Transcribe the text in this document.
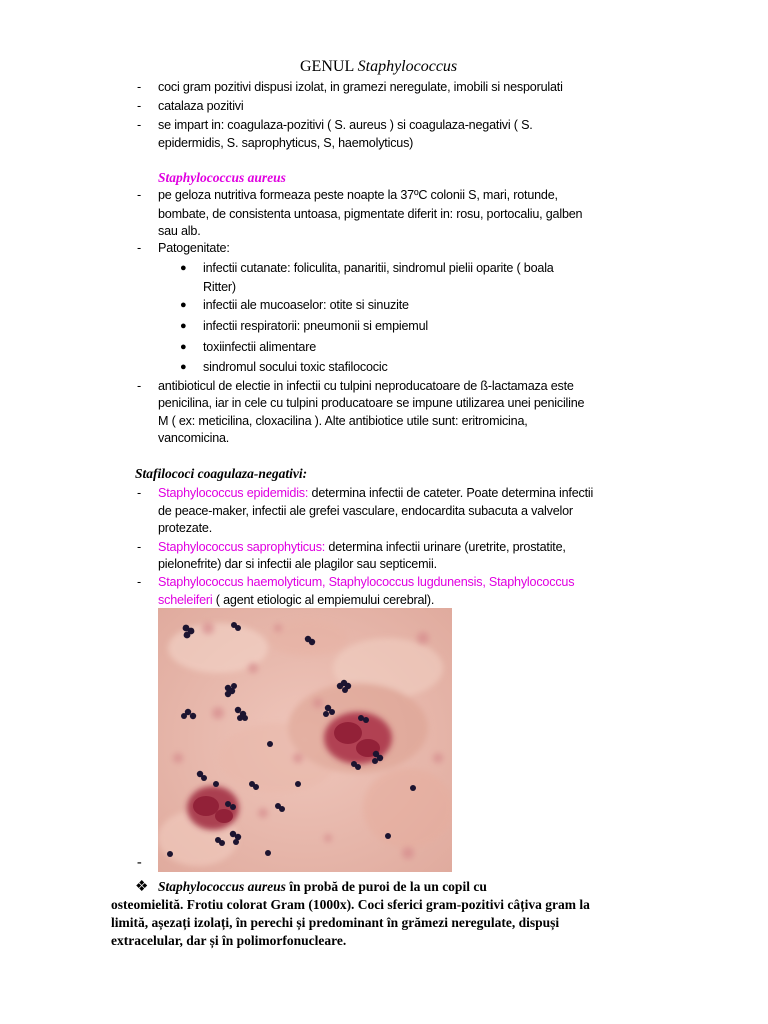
GENUL Staphylococcus
- coci gram pozitivi dispusi izolat, in gramezi neregulate, imobili si nesporulati
- catalaza pozitivi
- se impart in: coagulaza-pozitivi ( S. aureus ) si coagulaza-negativi ( S.
epidermidis, S. saprophyticus, S, haemolyticus)
Staphylococcus aureus
- pe geloza nutritiva formeaza peste noapte la 37ºC colonii S, mari, rotunde,
bombate, de consistenta untoasa, pigmentate diferit in: rosu, portocaliu, galben
sau alb.
- Patogenitate:
● infectii cutanate: foliculita, panaritii, sindromul pielii oparite ( boala
Ritter)
● infectii ale mucoaselor: otite si sinuzite
● infectii respiratorii: pneumonii si empiemul
● toxiinfectii alimentare
● sindromul socului toxic stafilococic
- antibioticul de electie in infectii cu tulpini neproducatoare de ß-lactamaza este
penicilina, iar in cele cu tulpini producatoare se impune utilizarea unei peniciline
M ( ex: meticilina, cloxacilina ). Alte antibiotice utile sunt: eritromicina,
vancomicina.
Stafilococi coagulaza-negativi:
- Staphylococcus epidemidis: determina infectii de cateter. Poate determina infectii
de peace-maker, infectii ale grefei vasculare, endocardita subacuta a valvelor
protezate.
- Staphylococcus saprophyticus: determina infectii urinare (uretrite, prostatite,
pielonefrite) dar si infectii ale plagilor sau septicemii.
- Staphylococcus haemolyticum, Staphylococcus lugdunensis, Staphylococcus
scheleiferi ( agent etiologic al empiemului cerebral).
-
❖ Staphylococcus aureus în probă de puroi de la un copil cu
osteomielită. Frotiu colorat Gram (1000x). Coci sferici gram-pozitivi câțiva gram la
limită, așezați izolați, în perechi și predominant în grămezi neregulate, dispuși
extracelular, dar și în polimorfonucleare.
